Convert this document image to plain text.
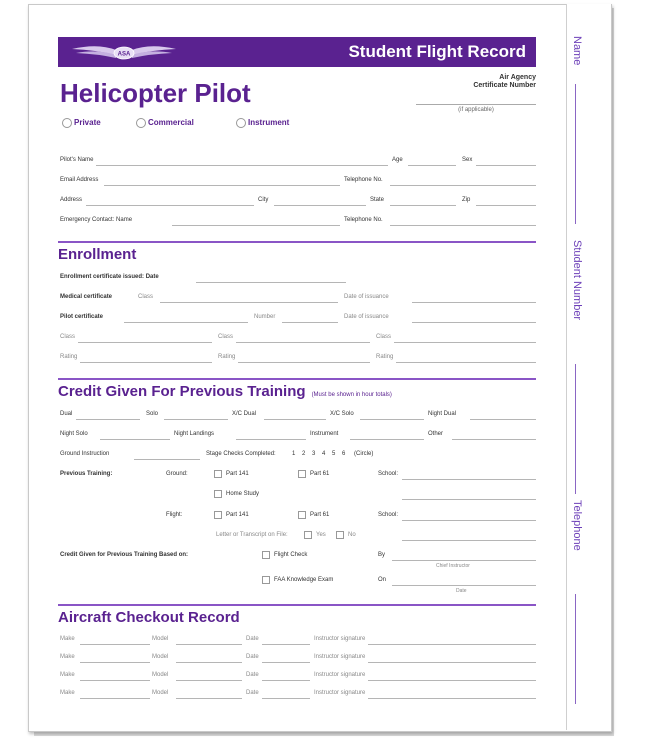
Name
Student Number
Telephone
ASA	Student Flight Record
Helicopter Pilot
Air Agency
Certificate Number
(if applicable)
Private	Commercial	Instrument
Pilot's Name	Age	Sex
Email Address	Telephone No.
Address	City	State	Zip
Emergency Contact: Name	Telephone No.
Enrollment
Enrollment certificate issued: Date
Medical certificate	Class	Date of issuance
Pilot certificate	Number	Date of issuance
Class	Class	Class
Rating	Rating	Rating
Credit Given For Previous Training (Must be shown in hour totals)
Dual	Solo	X/C Dual	X/C Solo	Night Dual
Night Solo	Night Landings	Instrument	Other
Ground Instruction	Stage Checks Completed:	1 2 3 4 5 6 (Circle)
Previous Training:	Ground:	Part 141	Part 61	School:
Home Study
Flight:	Part 141	Part 61	School:
Letter or Transcript on File:	Yes	No
Credit Given for Previous Training Based on:	Flight Check	By
Chief Instructor
FAA Knowledge Exam	On
Date
Aircraft Checkout Record
Make	Model	Date	Instructor signature
Make	Model	Date	Instructor signature
Make	Model	Date	Instructor signature
Make	Model	Date	Instructor signature
